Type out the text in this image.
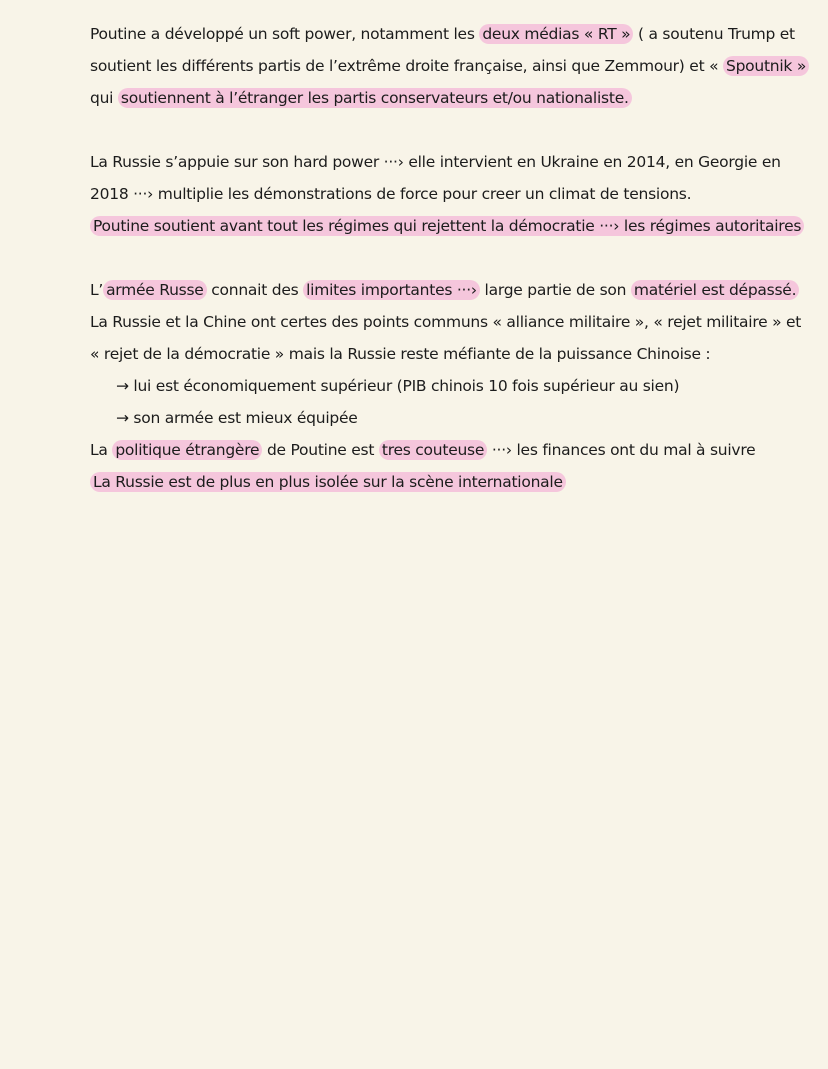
Poutine a développé un soft power, notamment les deux médias « RT » ( a soutenu Trump et
soutient les différents partis de l’extrême droite française, ainsi que Zemmour) et « Spoutnik »
qui soutiennent à l’étranger les partis conservateurs et/ou nationaliste.
La Russie s’appuie sur son hard power ···› elle intervient en Ukraine en 2014, en Georgie en
2018 ···› multiplie les démonstrations de force pour creer un climat de tensions.
Poutine soutient avant tout les régimes qui rejettent la démocratie ···› les régimes autoritaires
L’ armée Russe connait des limites importantes ···› large partie de son matériel est dépassé.
La Russie et la Chine ont certes des points communs « alliance militaire », « rejet militaire » et
« rejet de la démocratie » mais la Russie reste méfiante de la puissance Chinoise :
→ lui est économiquement supérieur (PIB chinois 10 fois supérieur au sien)
→ son armée est mieux équipée
La politique étrangère de Poutine est tres couteuse ···› les finances ont du mal à suivre
La Russie est de plus en plus isolée sur la scène internationale
